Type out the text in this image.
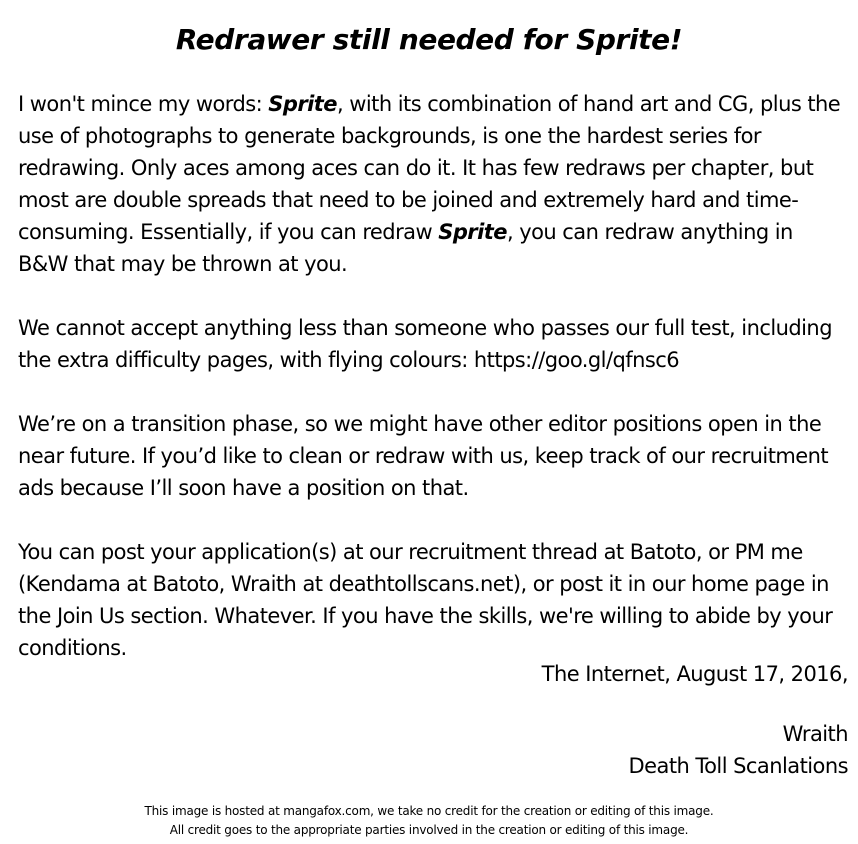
Redrawer still needed for Sprite!

I won't mince my words: Sprite, with its combination of hand art and CG, plus the use of photographs to generate backgrounds, is one the hardest series for redrawing. Only aces among aces can do it. It has few redraws per chapter, but most are double spreads that need to be joined and extremely hard and time-consuming. Essentially, if you can redraw Sprite, you can redraw anything in B&W that may be thrown at you.

We cannot accept anything less than someone who passes our full test, including the extra difficulty pages, with flying colours: https://goo.gl/qfnsc6

We’re on a transition phase, so we might have other editor positions open in the near future. If you’d like to clean or redraw with us, keep track of our recruitment ads because I’ll soon have a position on that.

You can post your application(s) at our recruitment thread at Batoto, or PM me (Kendama at Batoto, Wraith at deathtollscans.net), or post it in our home page in the Join Us section. Whatever. If you have the skills, we're willing to abide by your conditions.

The Internet, August 17, 2016,
Wraith
Death Toll Scanlations
This image is hosted at mangafox.com, we take no credit for the creation or editing of this image.
All credit goes to the appropriate parties involved in the creation or editing of this image.
